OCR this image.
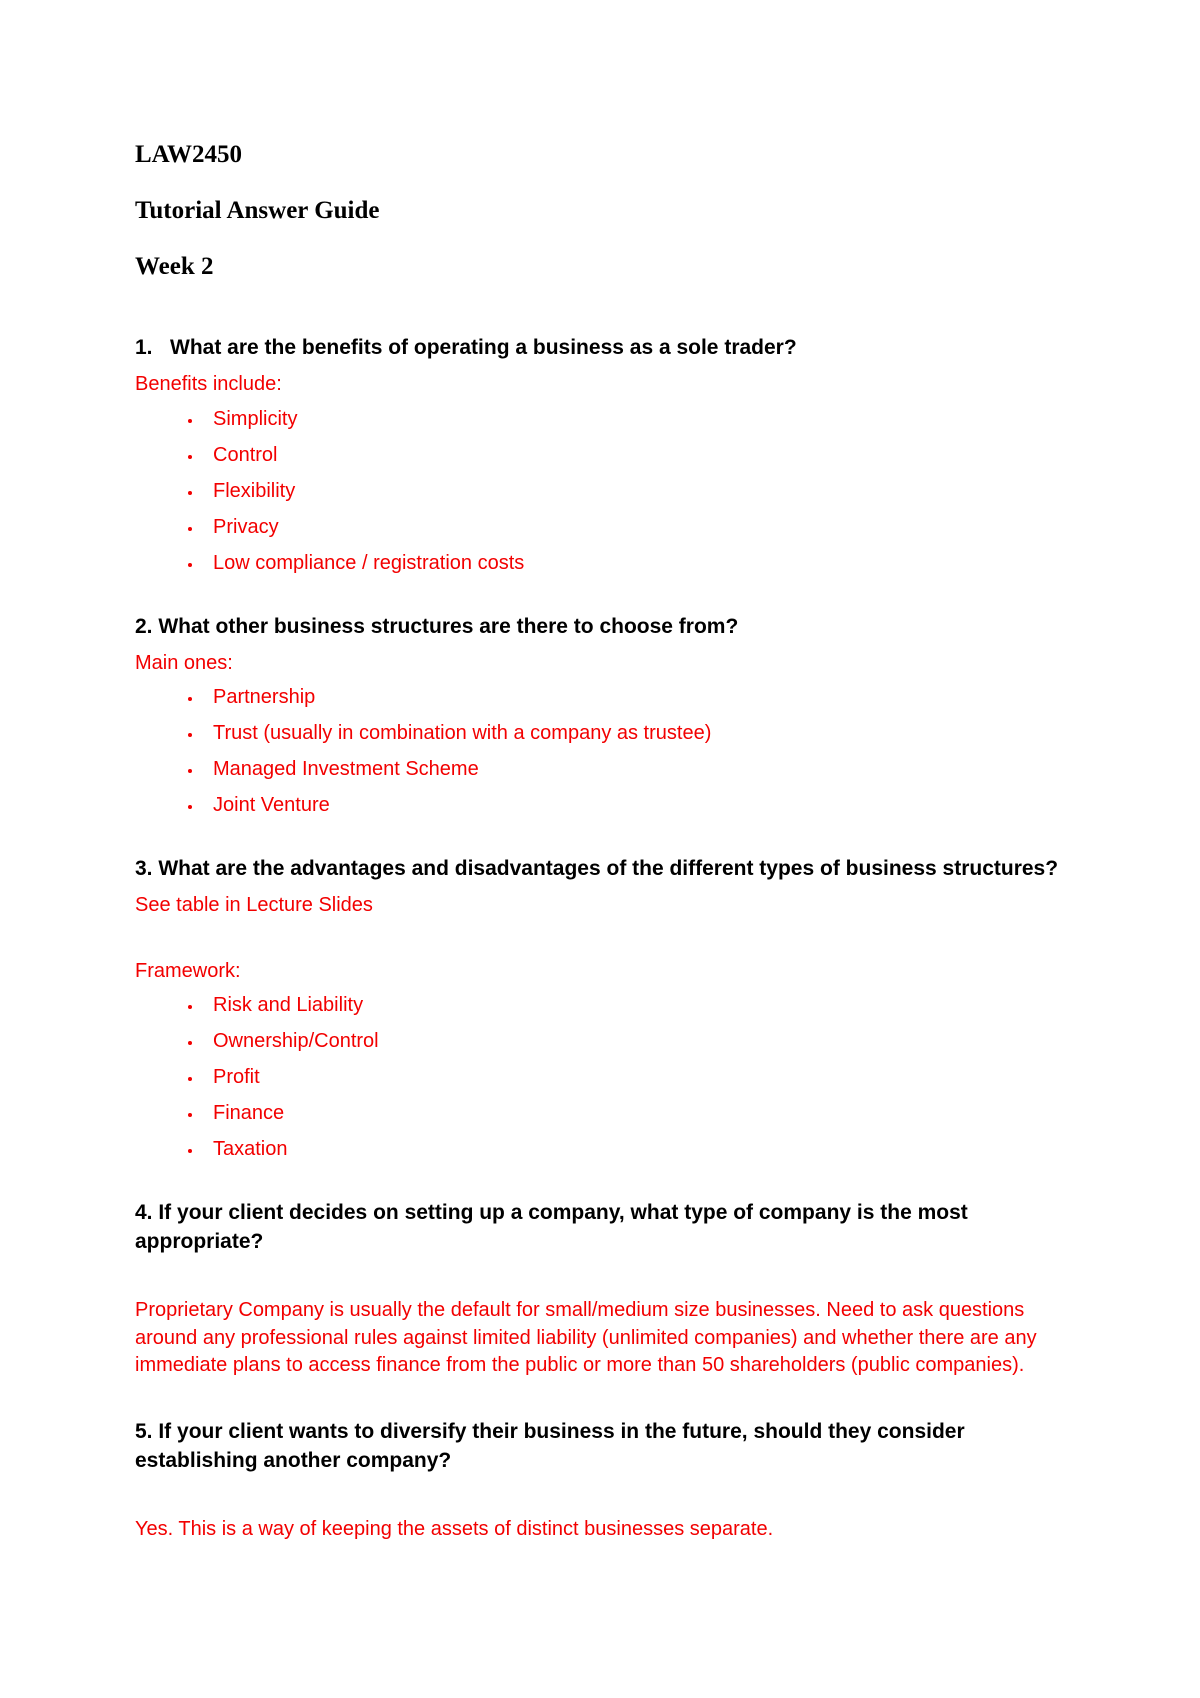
LAW2450

Tutorial Answer Guide

Week 2

1.   What are the benefits of operating a business as a sole trader?

Benefits include:

• Simplicity
• Control
• Flexibility
• Privacy
• Low compliance / registration costs

2. What other business structures are there to choose from?

Main ones:

• Partnership
• Trust (usually in combination with a company as trustee)
• Managed Investment Scheme
• Joint Venture

3. What are the advantages and disadvantages of the different types of business structures?

See table in Lecture Slides

Framework:

• Risk and Liability
• Ownership/Control
• Profit
• Finance
• Taxation

4. If your client decides on setting up a company, what type of company is the most appropriate?

Proprietary Company is usually the default for small/medium size businesses. Need to ask questions around any professional rules against limited liability (unlimited companies) and whether there are any immediate plans to access finance from the public or more than 50 shareholders (public companies).

5. If your client wants to diversify their business in the future, should they consider establishing another company?

Yes. This is a way of keeping the assets of distinct businesses separate.
